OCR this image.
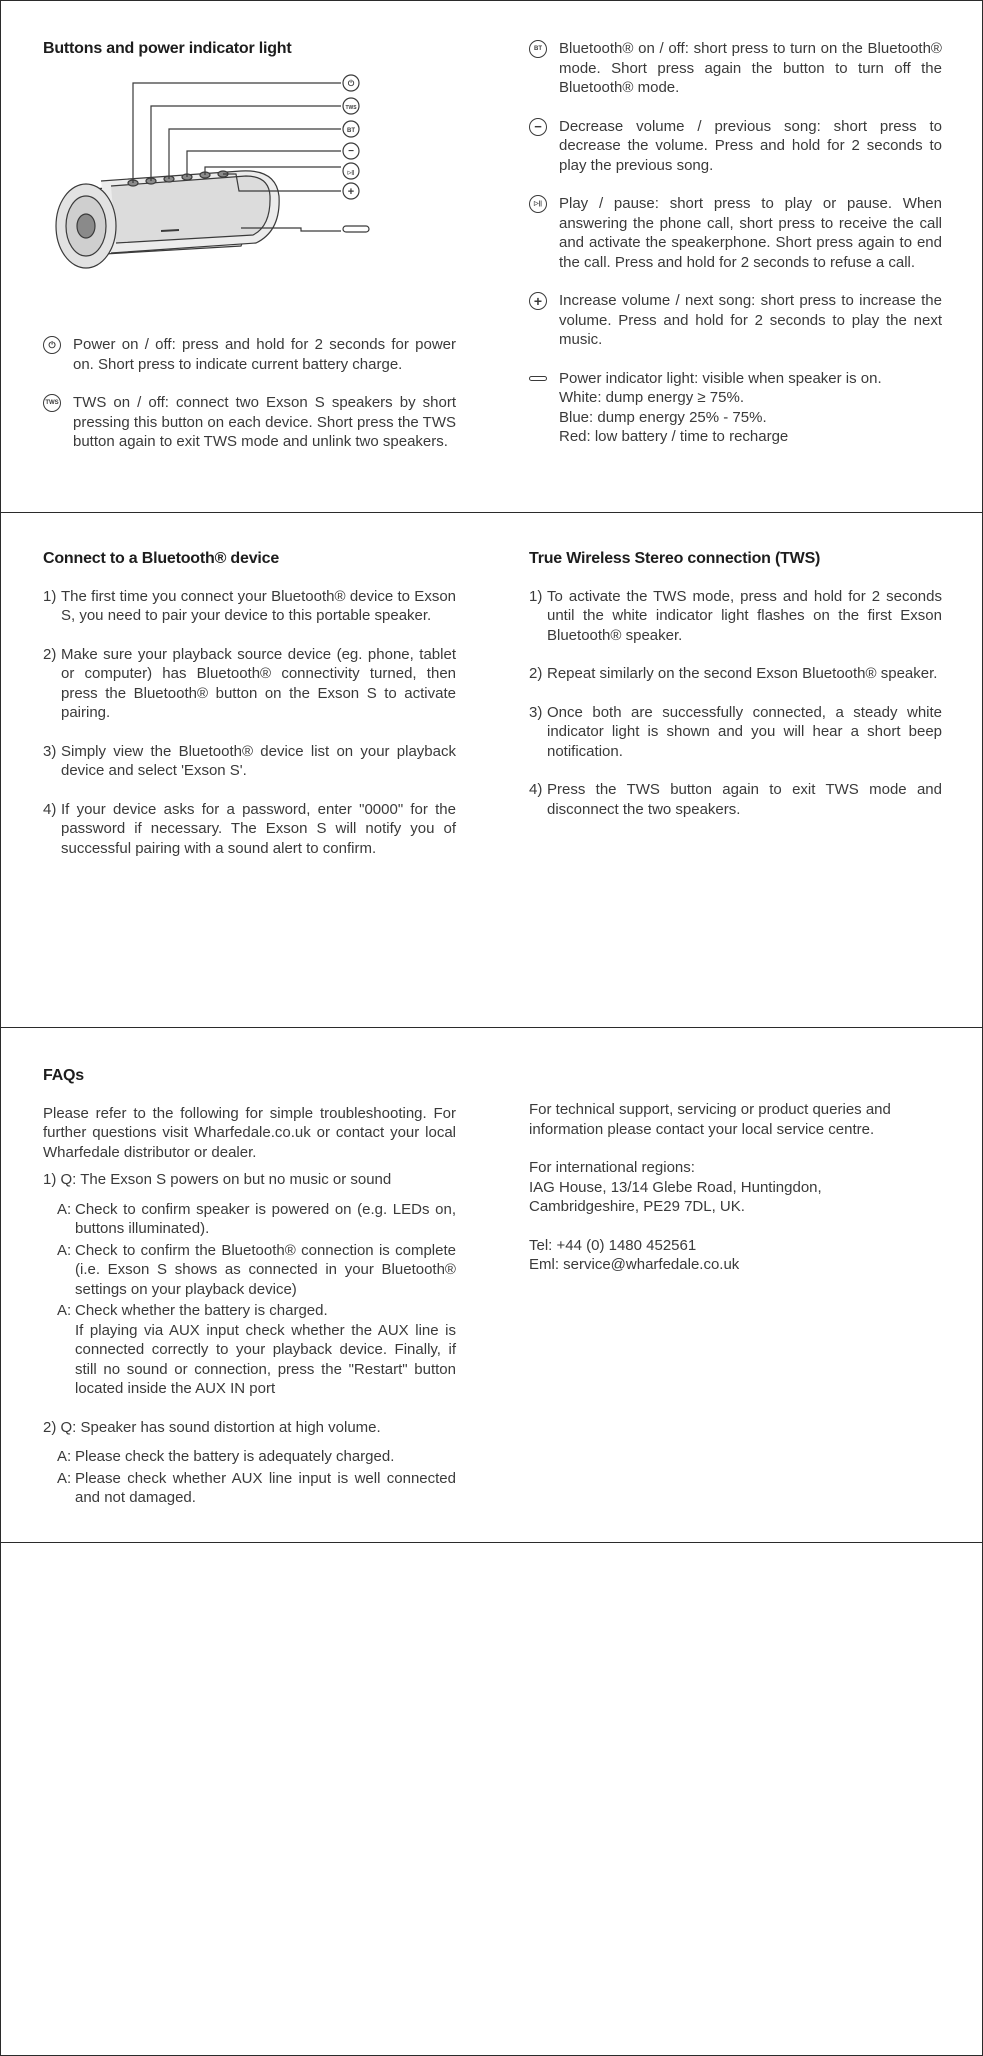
Buttons and power indicator light
⏻
TWS
BT
−
▷||
+
⏻	Power on / off: press and hold for 2 seconds for power on. Short press to indicate current battery charge.
TWS TWS on / off: connect two Exson S speakers by short pressing this button on each device. Short press the TWS button again to exit TWS mode and unlink two speakers.
BT	Bluetooth® on / off: short press to turn on the Bluetooth® mode. Short press again the button to turn off the Bluetooth® mode.
−	Decrease volume / previous song: short press to decrease the volume. Press and hold for 2 seconds to play the previous song.
▷||	Play / pause: short press to play or pause. When answering the phone call, short press to receive the call and activate the speakerphone. Short press again to end the call. Press and hold for 2 seconds to refuse a call.
+	Increase volume / next song: short press to increase the volume. Press and hold for 2 seconds to play the next music.
Power indicator light: visible when speaker is on.
White: dump energy ≥ 75%.
Blue: dump energy 25% - 75%.
Red: low battery / time to recharge
Connect to a Bluetooth® device
1) The first time you connect your Bluetooth® device to Exson S, you need to pair your device to this portable speaker.
2) Make sure your playback source device (eg. phone, tablet or computer) has Bluetooth® connectivity turned, then press the Bluetooth® button on the Exson S to activate pairing.
3) Simply view the Bluetooth® device list on your playback device and select 'Exson S'.
4) If your device asks for a password, enter "0000" for the password if necessary. The Exson S will notify you of successful pairing with a sound alert to confirm.
True Wireless Stereo connection (TWS)
1) To activate the TWS mode, press and hold for 2 seconds until the white indicator light flashes on the first Exson Bluetooth® speaker.
2) Repeat similarly on the second Exson Bluetooth® speaker.
3) Once both are successfully connected, a steady white indicator light is shown and you will hear a short beep notification.
4) Press the TWS button again to exit TWS mode and disconnect the two speakers.
FAQs

Please refer to the following for simple troubleshooting. For further questions visit Wharfedale.co.uk or contact your local Wharfedale distributor or dealer.

1) Q: The Exson S powers on but no music or sound

A: Check to confirm speaker is powered on (e.g. LEDs on, buttons illuminated).
A: Check to confirm the Bluetooth® connection is complete (i.e. Exson S shows as connected in your Bluetooth® settings on your playback device)
A: Check whether the battery is charged.

If playing via AUX input check whether the AUX line is connected correctly to your playback device. Finally, if still no sound or connection, press the "Restart" button located inside the AUX IN port

2) Q: Speaker has sound distortion at high volume.

A: Please check the battery is adequately charged.
A: Please check whether AUX line input is well connected and not damaged.

For technical support, servicing or product queries and information please contact your local service centre.

For international regions:

IAG House, 13/14 Glebe Road, Huntingdon,

Cambridgeshire, PE29 7DL, UK.

Tel: +44 (0) 1480 452561

Eml: service@wharfedale.co.uk
